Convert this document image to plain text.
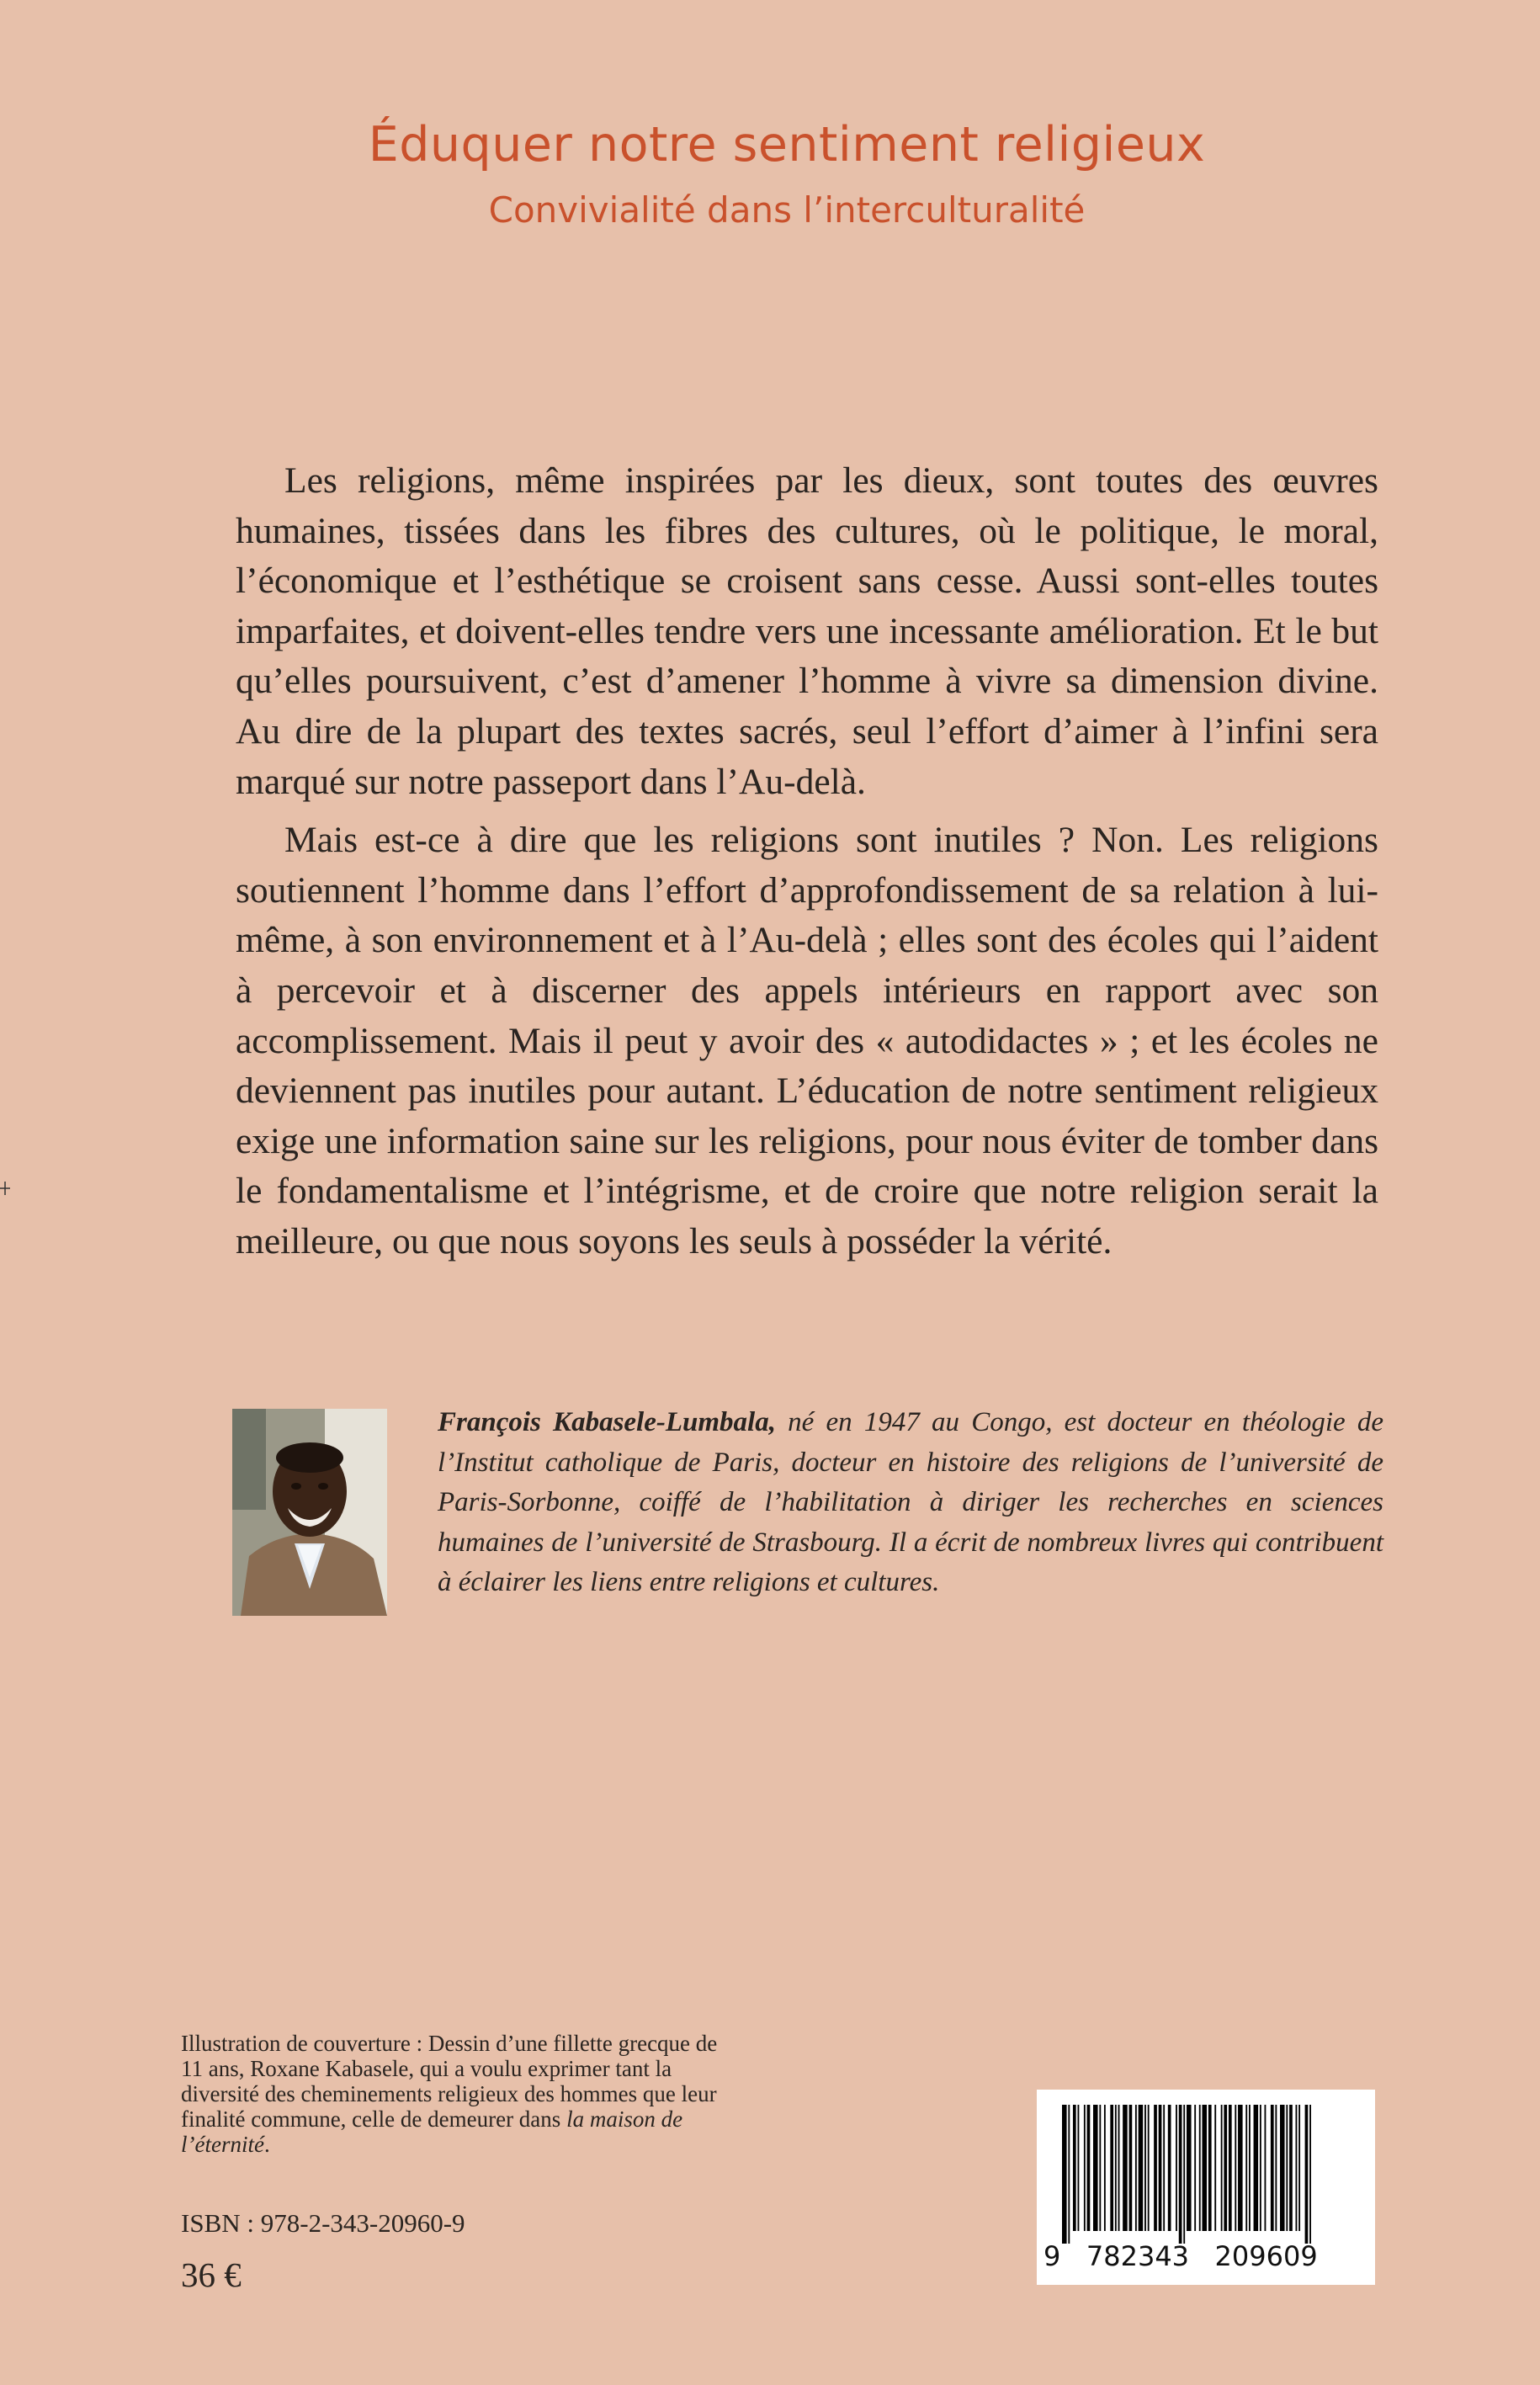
Éduquer notre sentiment religieux
Convivialité dans l’interculturalité

Les religions, même inspirées par les dieux, sont toutes des œuvres humaines, tissées dans les fibres des cultures, où le politique, le moral, l’économique et l’esthétique se croisent sans cesse. Aussi sont-elles toutes imparfaites, et doivent-elles tendre vers une incessante amélioration. Et le but qu’elles poursuivent, c’est d’amener l’homme à vivre sa dimension divine. Au dire de la plupart des textes sacrés, seul l’effort d’aimer à l’infini sera marqué sur notre passeport dans l’Au-delà.

Mais est-ce à dire que les religions sont inutiles ? Non. Les religions soutiennent l’homme dans l’effort d’approfondissement de sa relation à lui-même, à son environnement et à l’Au-delà ; elles sont des écoles qui l’aident à percevoir et à discerner des appels intérieurs en rapport avec son accomplissement. Mais il peut y avoir des « autodidactes » ; et les écoles ne deviennent pas inutiles pour autant. L’éducation de notre sentiment religieux exige une information saine sur les religions, pour nous éviter de tomber dans le fondamentalisme et l’intégrisme, et de croire que notre religion serait la meilleure, ou que nous soyons les seuls à posséder la vérité.

François Kabasele-Lumbala, né en 1947 au Congo, est docteur en théologie de l’Institut catholique de Paris, docteur en histoire des religions de l’université de Paris-Sorbonne, coiffé de l’habilitation à diriger les recherches en sciences humaines de l’université de Strasbourg. Il a écrit de nombreux livres qui contribuent à éclairer les liens entre religions et cultures.
Illustration de couverture : Dessin d’une fillette grecque de 11 ans, Roxane Kabasele, qui a voulu exprimer tant la diversité des cheminements religieux des hommes que leur finalité commune, celle de demeurer dans la maison de l’éternité.
ISBN : 978-2-343-20960-9
36 €	9   782343   209609
